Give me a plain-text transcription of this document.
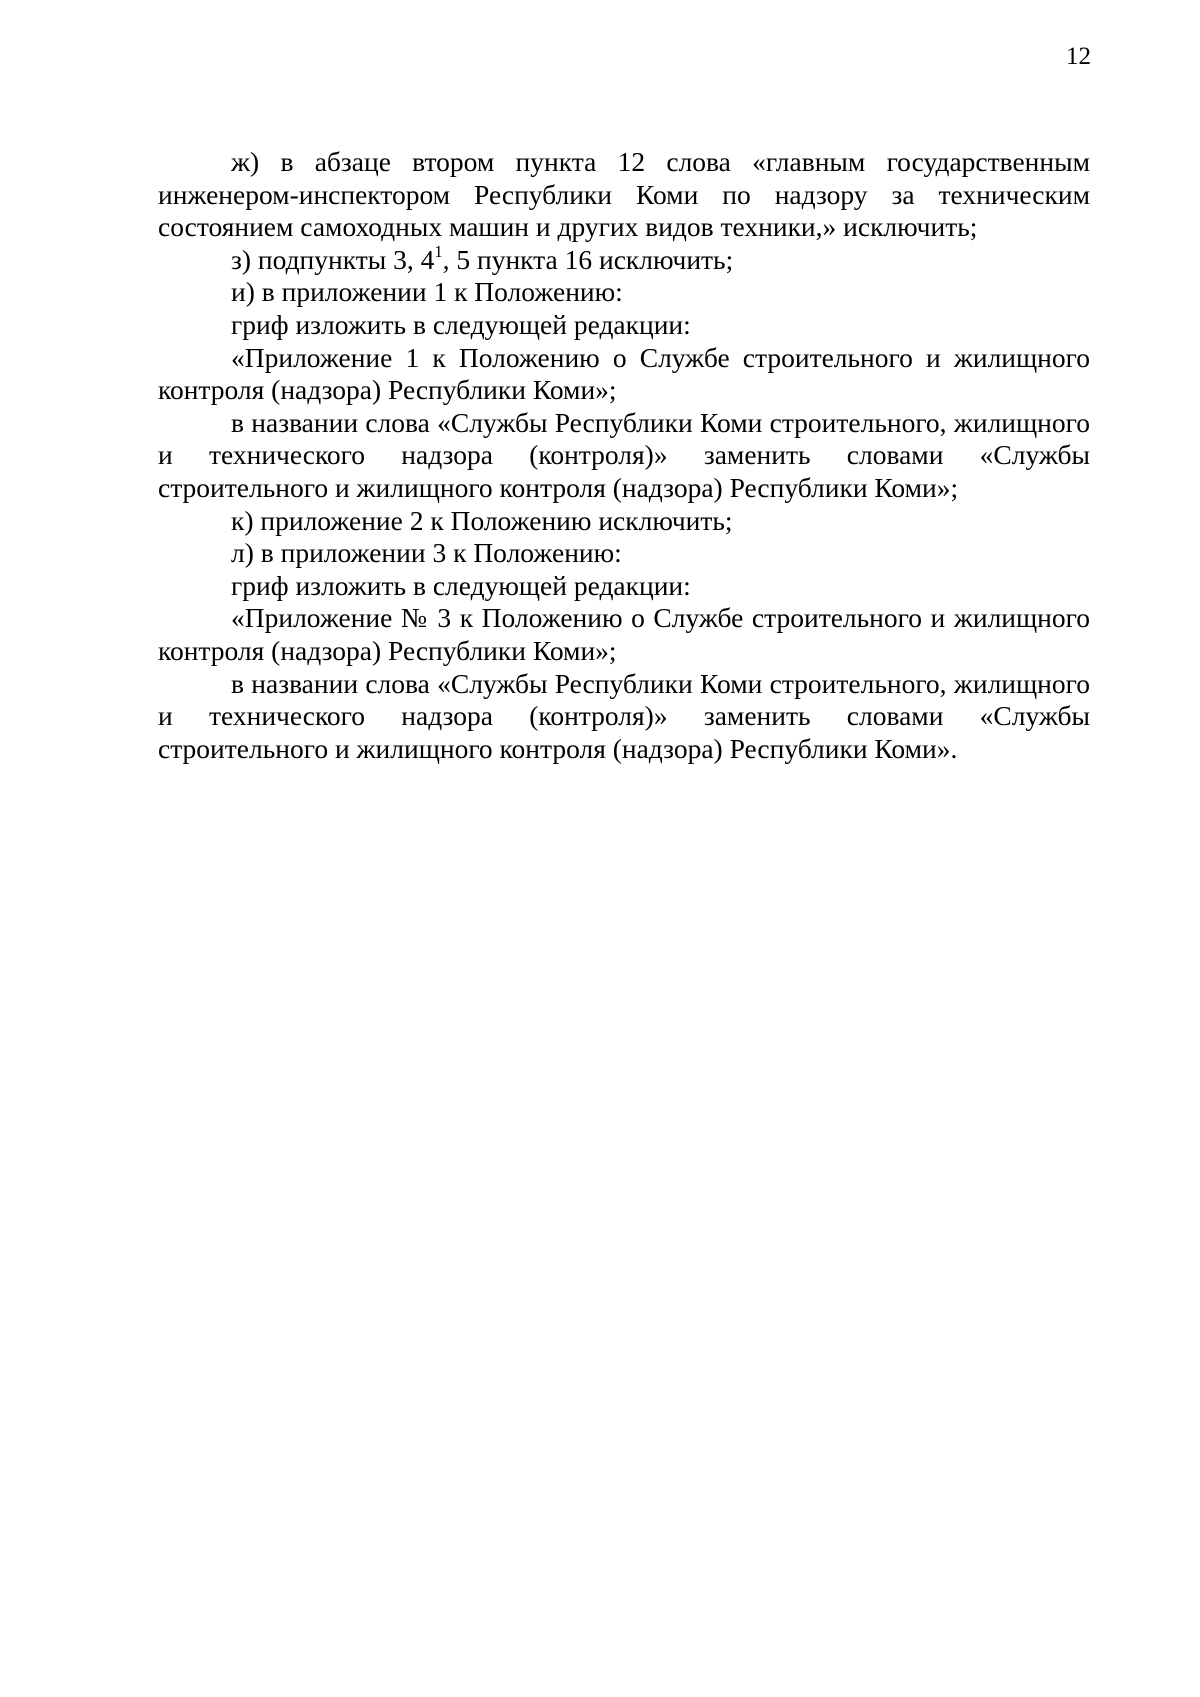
12

ж) в абзаце втором пункта 12 слова «главным государственным инженером-инспектором Республики Коми по надзору за техническим состоянием самоходных машин и других видов техники,» исключить;

з) подпункты 3, $4^1$, 5 пункта 16 исключить;

и) в приложении 1 к Положению:

гриф изложить в следующей редакции:

«Приложение 1 к Положению о Службе строительного и жилищного контроля (надзора) Республики Коми»;

в названии слова «Службы Республики Коми строительного, жилищного и технического надзора (контроля)» заменить словами «Службы строительного и жилищного контроля (надзора) Республики Коми»;

к) приложение 2 к Положению исключить;

л) в приложении 3 к Положению:

гриф изложить в следующей редакции:

«Приложение № 3 к Положению о Службе строительного и жилищного контроля (надзора) Республики Коми»;

в названии слова «Службы Республики Коми строительного, жилищного и технического надзора (контроля)» заменить словами «Службы строительного и жилищного контроля (надзора) Республики Коми».
